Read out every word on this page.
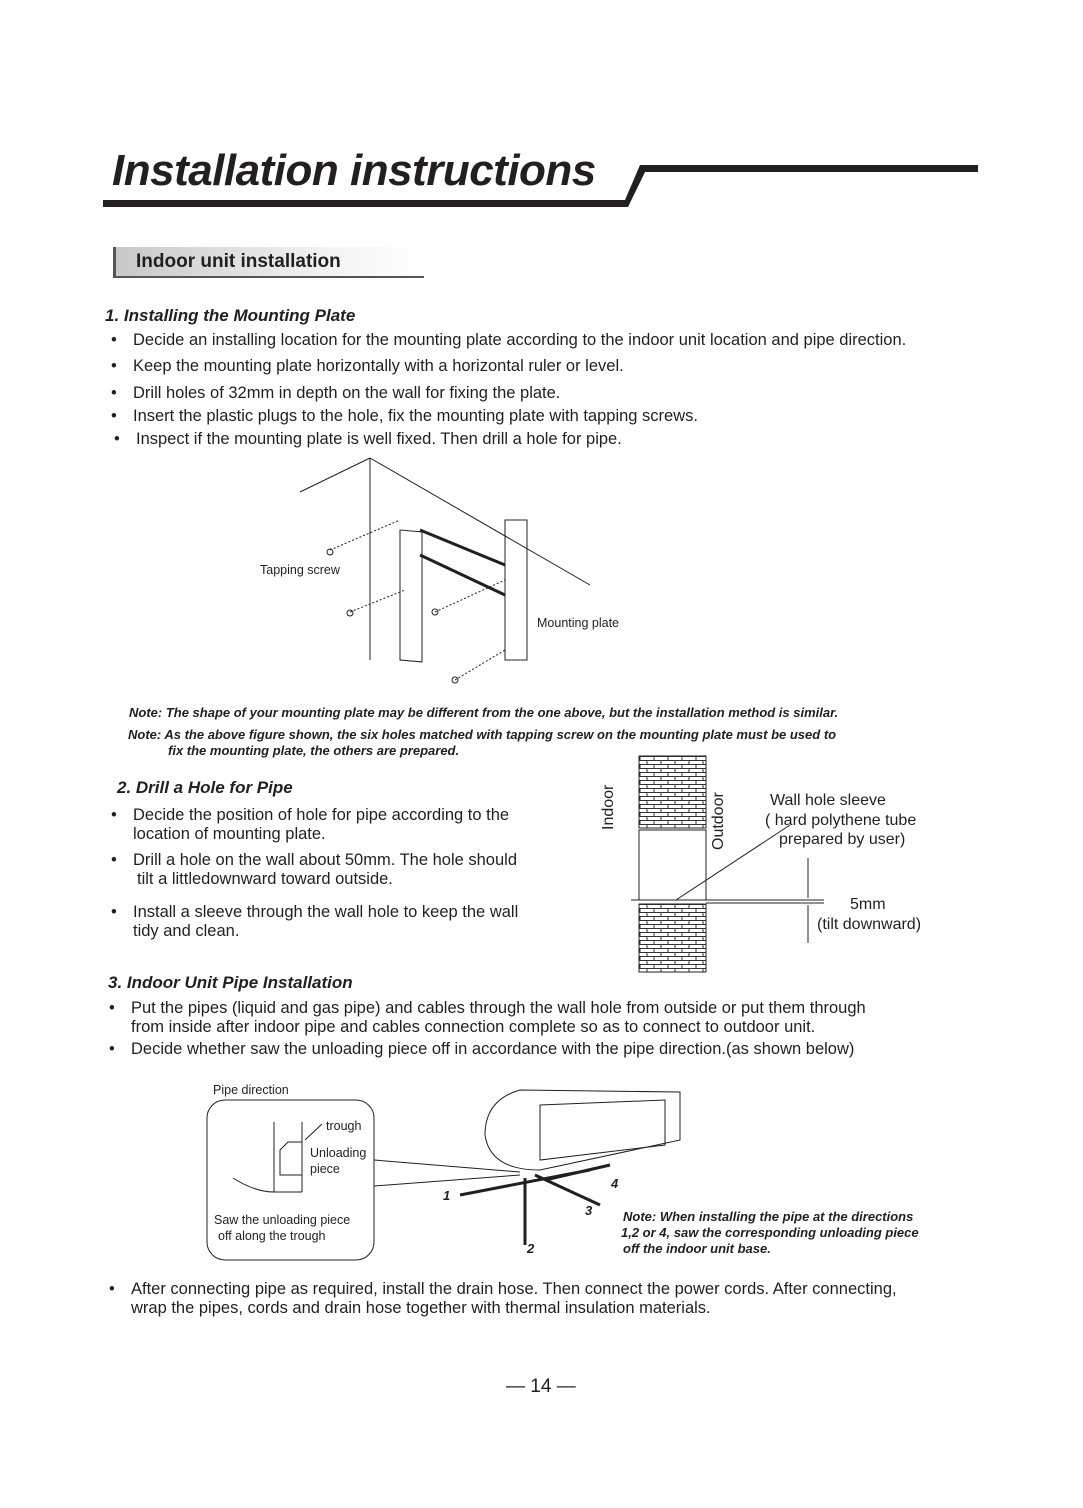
Installation instructions
Indoor unit installation
1. Installing the Mounting Plate
• Decide an installing location for the mounting plate according to the indoor unit location and pipe direction.
• Keep the mounting plate horizontally with a horizontal ruler or level.
• Drill holes of 32mm in depth on the wall for fixing the plate.
• Insert the plastic plugs to the hole, fix the mounting plate with tapping screws.
• Inspect if the mounting plate is well fixed. Then drill a hole for pipe.
Tapping screw
Mounting plate
Note: The shape of your mounting plate may be different from the one above, but the installation method is similar.
Note: As the above figure shown, the six holes matched with tapping screw on the mounting plate must be used to
fix the mounting plate, the others are prepared.
2. Drill a Hole for Pipe
• Decide the position of hole for pipe according to the
location of mounting plate.
• Drill a hole on the wall about 50mm. The hole should
tilt a littledownward toward outside.
• Install a sleeve through the wall hole to keep the wall
tidy and clean.
Indoor	Outdoor	Wall hole sleeve
( hard polythene tube
prepared by user)
5mm
(tilt downward)
3. Indoor Unit Pipe Installation
• Put the pipes (liquid and gas pipe) and cables through the wall hole from outside or put them through
from inside after indoor pipe and cables connection complete so as to connect to outdoor unit.
• Decide whether saw the unloading piece off in accordance with the pipe direction.(as shown below)
Pipe direction
trough
Unloading
piece
Saw the unloading piece
off along the trough
1
2
3
4
Note: When installing the pipe at the directions
1,2 or 4, saw the corresponding unloading piece
off the indoor unit base.
• After connecting pipe as required, install the drain hose. Then connect the power cords. After connecting,
wrap the pipes, cords and drain hose together with thermal insulation materials.
— 14 —
